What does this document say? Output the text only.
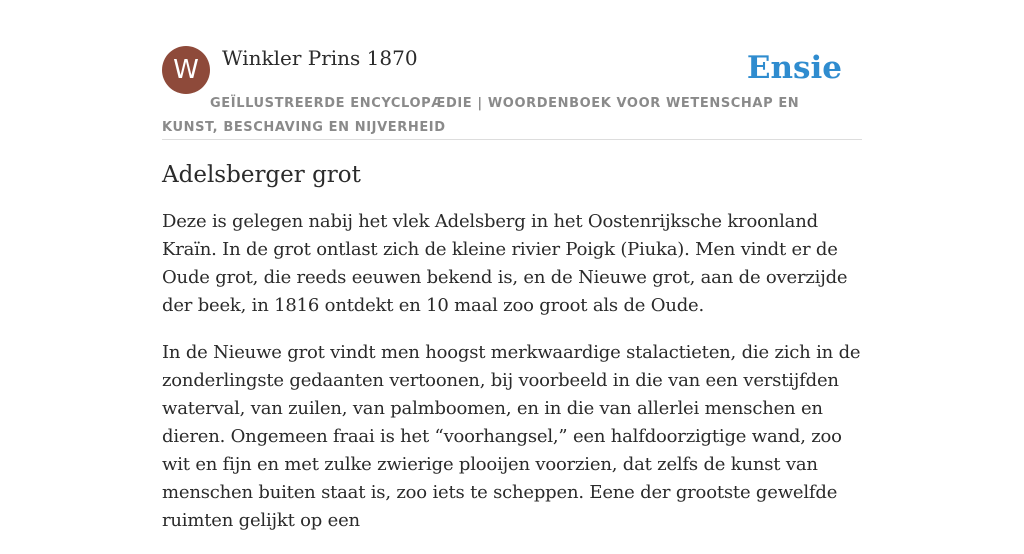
W	Winkler Prins 1870	Ensie
GEÏLLUSTREERDE ENCYCLOPÆDIE | WOORDENBOEK VOOR WETENSCHAP EN KUNST, BESCHAVING EN NIJVERHEID
Adelsberger grot

Deze is gelegen nabij het vlek Adelsberg in het Oostenrijksche kroonland Kraïn. In de grot ontlast zich de kleine rivier Poigk (Piuka). Men vindt er de Oude grot, die reeds eeuwen bekend is, en de Nieuwe grot, aan de overzijde der beek, in 1816 ontdekt en 10 maal zoo groot als de Oude.

In de Nieuwe grot vindt men hoogst merkwaardige stalactieten, die zich in de zonderlingste gedaanten vertoonen, bij voorbeeld in die van een verstijfden waterval, van zuilen, van palmboomen, en in die van allerlei menschen en dieren. Ongemeen fraai is het “voorhangsel,” een halfdoorzigtige wand, zoo wit en fijn en met zulke zwierige plooijen voorzien, dat zelfs de kunst van menschen buiten staat is, zoo iets te scheppen. Eene der grootste gewelfde ruimten gelijkt op een
